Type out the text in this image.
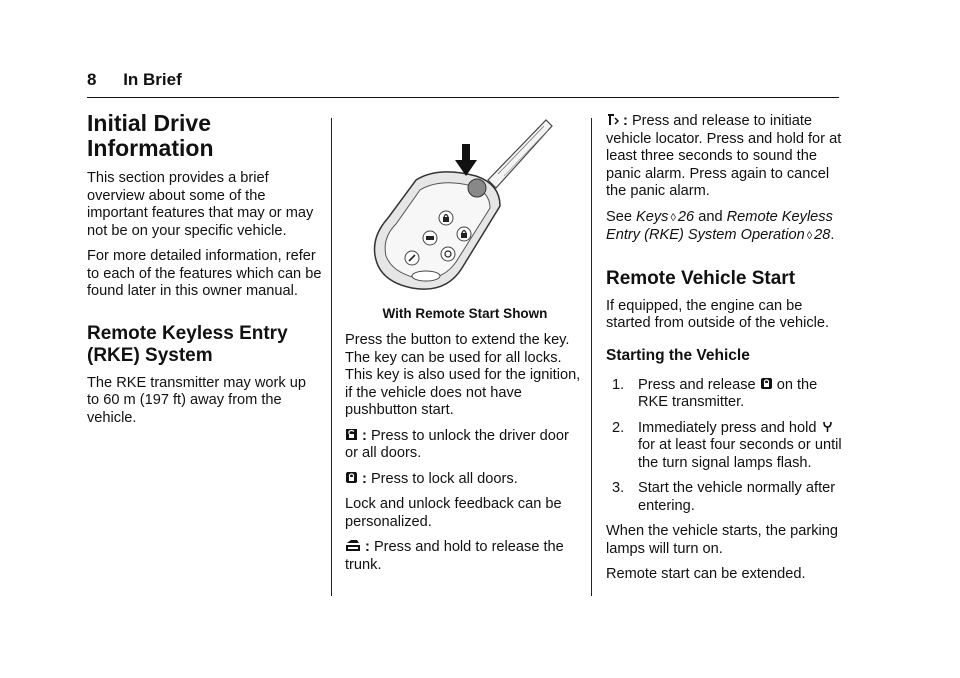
8 In Brief
Initial Drive Information

This section provides a brief overview about some of the important features that may or may not be on your specific vehicle.

For more detailed information, refer to each of the features which can be found later in this owner manual.

Remote Keyless Entry (RKE) System

The RKE transmitter may work up to 60 m (197 ft) away from the vehicle.

With Remote Start Shown

Press the button to extend the key. The key can be used for all locks. This key is also used for the ignition, if the vehicle does not have pushbutton start.

: Press to unlock the driver door or all doors.

: Press to lock all doors.

Lock and unlock feedback can be personalized.

: Press and hold to release the trunk.

: Press and release to initiate vehicle locator. Press and hold for at least three seconds to sound the panic alarm. Press again to cancel the panic alarm.

See Keys ◊ 26 and Remote Keyless Entry (RKE) System Operation ◊ 28.

Remote Vehicle Start

If equipped, the engine can be started from outside of the vehicle.

Starting the Vehicle
1. Press and release on the RKE transmitter.
2. Immediately press and hold  for at least four seconds or until the turn signal lamps flash.
3. Start the vehicle normally after entering.

When the vehicle starts, the parking lamps will turn on.

Remote start can be extended.
